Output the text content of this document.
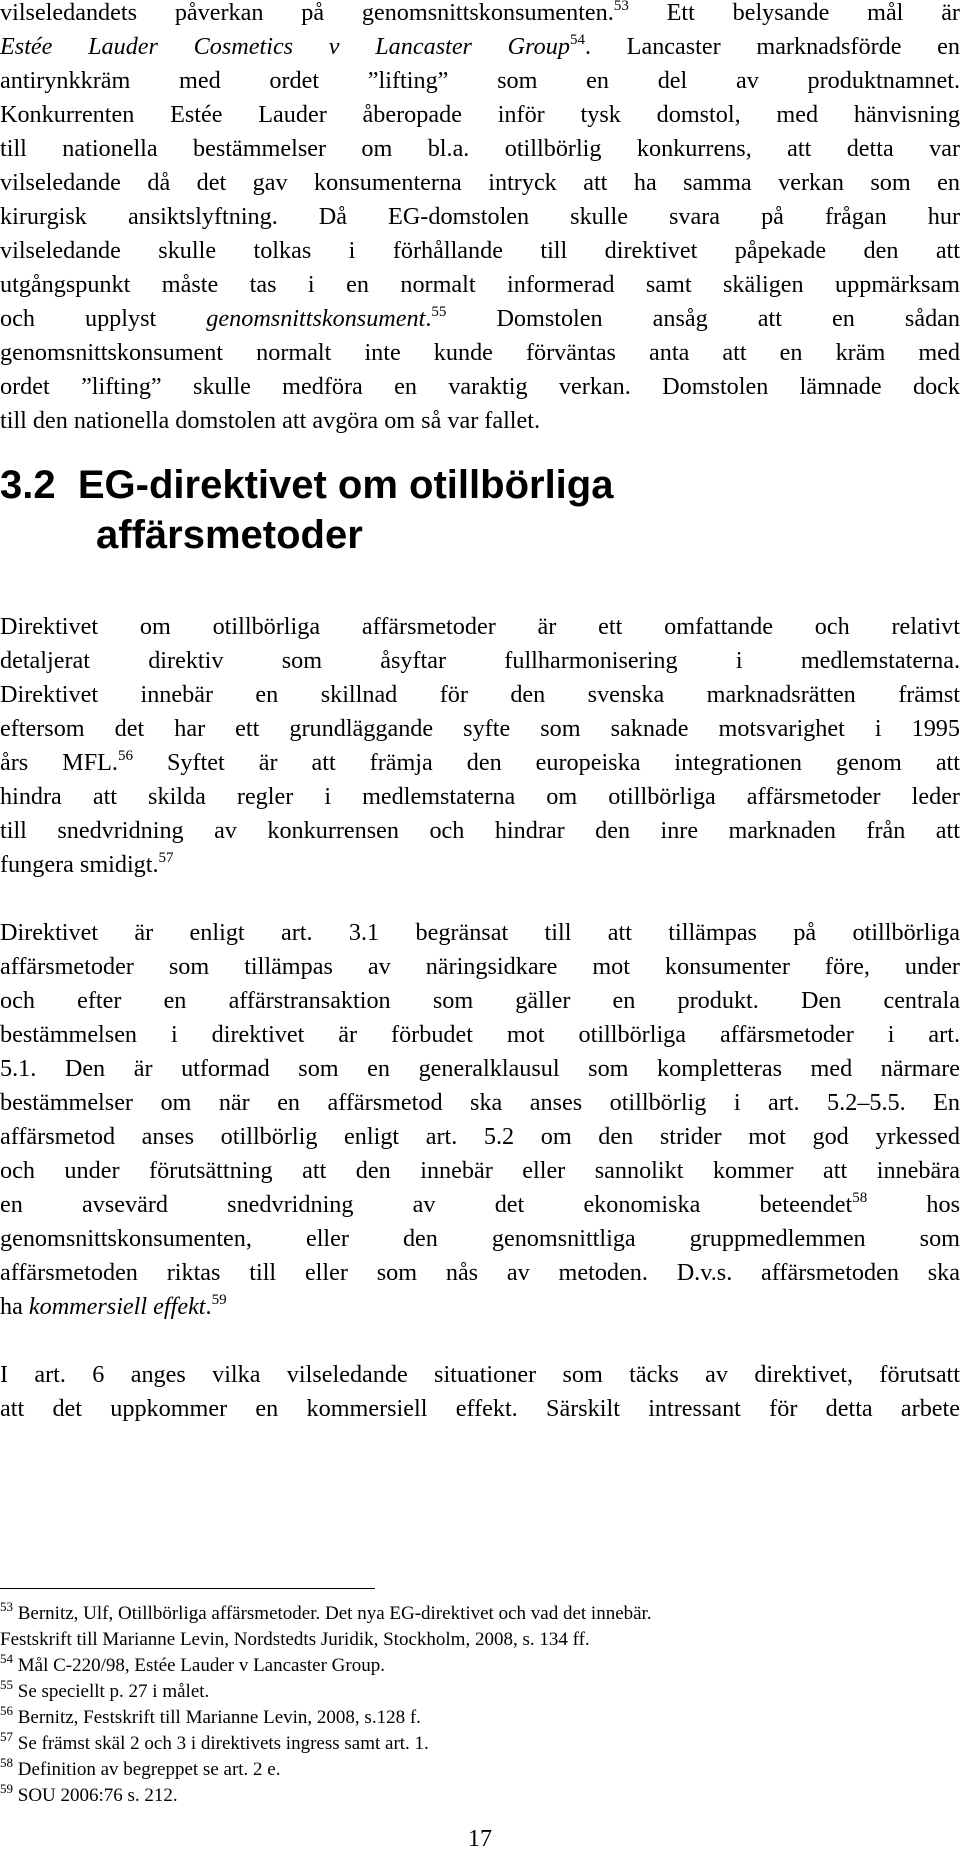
vilseledandets påverkan på genomsnittskonsumenten.$^{53}$ Ett belysande mål är
Estée Lauder Cosmetics v Lancaster Group$^{54}$. Lancaster marknadsförde en
antirynkkräm med ordet ”lifting” som en del av produktnamnet.
Konkurrenten Estée Lauder åberopade inför tysk domstol, med hänvisning
till nationella bestämmelser om bl.a. otillbörlig konkurrens, att detta var
vilseledande då det gav konsumenterna intryck att ha samma verkan som en
kirurgisk ansiktslyftning. Då EG-domstolen skulle svara på frågan hur
vilseledande skulle tolkas i förhållande till direktivet påpekade den att
utgångspunkt måste tas i en normalt informerad samt skäligen uppmärksam
och upplyst genomsnittskonsument.$^{55}$ Domstolen ansåg att en sådan
genomsnittskonsument normalt inte kunde förväntas anta att en kräm med
ordet ”lifting” skulle medföra en varaktig verkan. Domstolen lämnade dock
till den nationella domstolen att avgöra om så var fallet.
3.2 EG-direktivet om otillbörliga
affärsmetoder
Direktivet om otillbörliga affärsmetoder är ett omfattande och relativt
detaljerat direktiv som åsyftar fullharmonisering i medlemstaterna.
Direktivet innebär en skillnad för den svenska marknadsrätten främst
eftersom det har ett grundläggande syfte som saknade motsvarighet i 1995
års MFL.$^{56}$ Syftet är att främja den europeiska integrationen genom att
hindra att skilda regler i medlemstaterna om otillbörliga affärsmetoder leder
till snedvridning av konkurrensen och hindrar den inre marknaden från att
fungera smidigt.$^{57}$
Direktivet är enligt art. 3.1 begränsat till att tillämpas på otillbörliga
affärsmetoder som tillämpas av näringsidkare mot konsumenter före, under
och efter en affärstransaktion som gäller en produkt. Den centrala
bestämmelsen i direktivet är förbudet mot otillbörliga affärsmetoder i art.
5.1. Den är utformad som en generalklausul som kompletteras med närmare
bestämmelser om när en affärsmetod ska anses otillbörlig i art. 5.2–5.5. En
affärsmetod anses otillbörlig enligt art. 5.2 om den strider mot god yrkessed
och under förutsättning att den innebär eller sannolikt kommer att innebära
en avsevärd snedvridning av det ekonomiska beteendet$^{58}$ hos
genomsnittskonsumenten, eller den genomsnittliga gruppmedlemmen som
affärsmetoden riktas till eller som nås av metoden. D.v.s. affärsmetoden ska
ha kommersiell effekt.$^{59}$
I art. 6 anges vilka vilseledande situationer som täcks av direktivet, förutsatt
att det uppkommer en kommersiell effekt. Särskilt intressant för detta arbete
$^{53}$ Bernitz, Ulf, Otillbörliga affärsmetoder. Det nya EG-direktivet och vad det innebär.
Festskrift till Marianne Levin, Nordstedts Juridik, Stockholm, 2008, s. 134 ff.
$^{54}$ Mål C-220/98, Estée Lauder v Lancaster Group.
$^{55}$ Se speciellt p. 27 i målet.
$^{56}$ Bernitz, Festskrift till Marianne Levin, 2008, s.128 f.
$^{57}$ Se främst skäl 2 och 3 i direktivets ingress samt art. 1.
$^{58}$ Definition av begreppet se art. 2 e.
$^{59}$ SOU 2006:76 s. 212.
17
